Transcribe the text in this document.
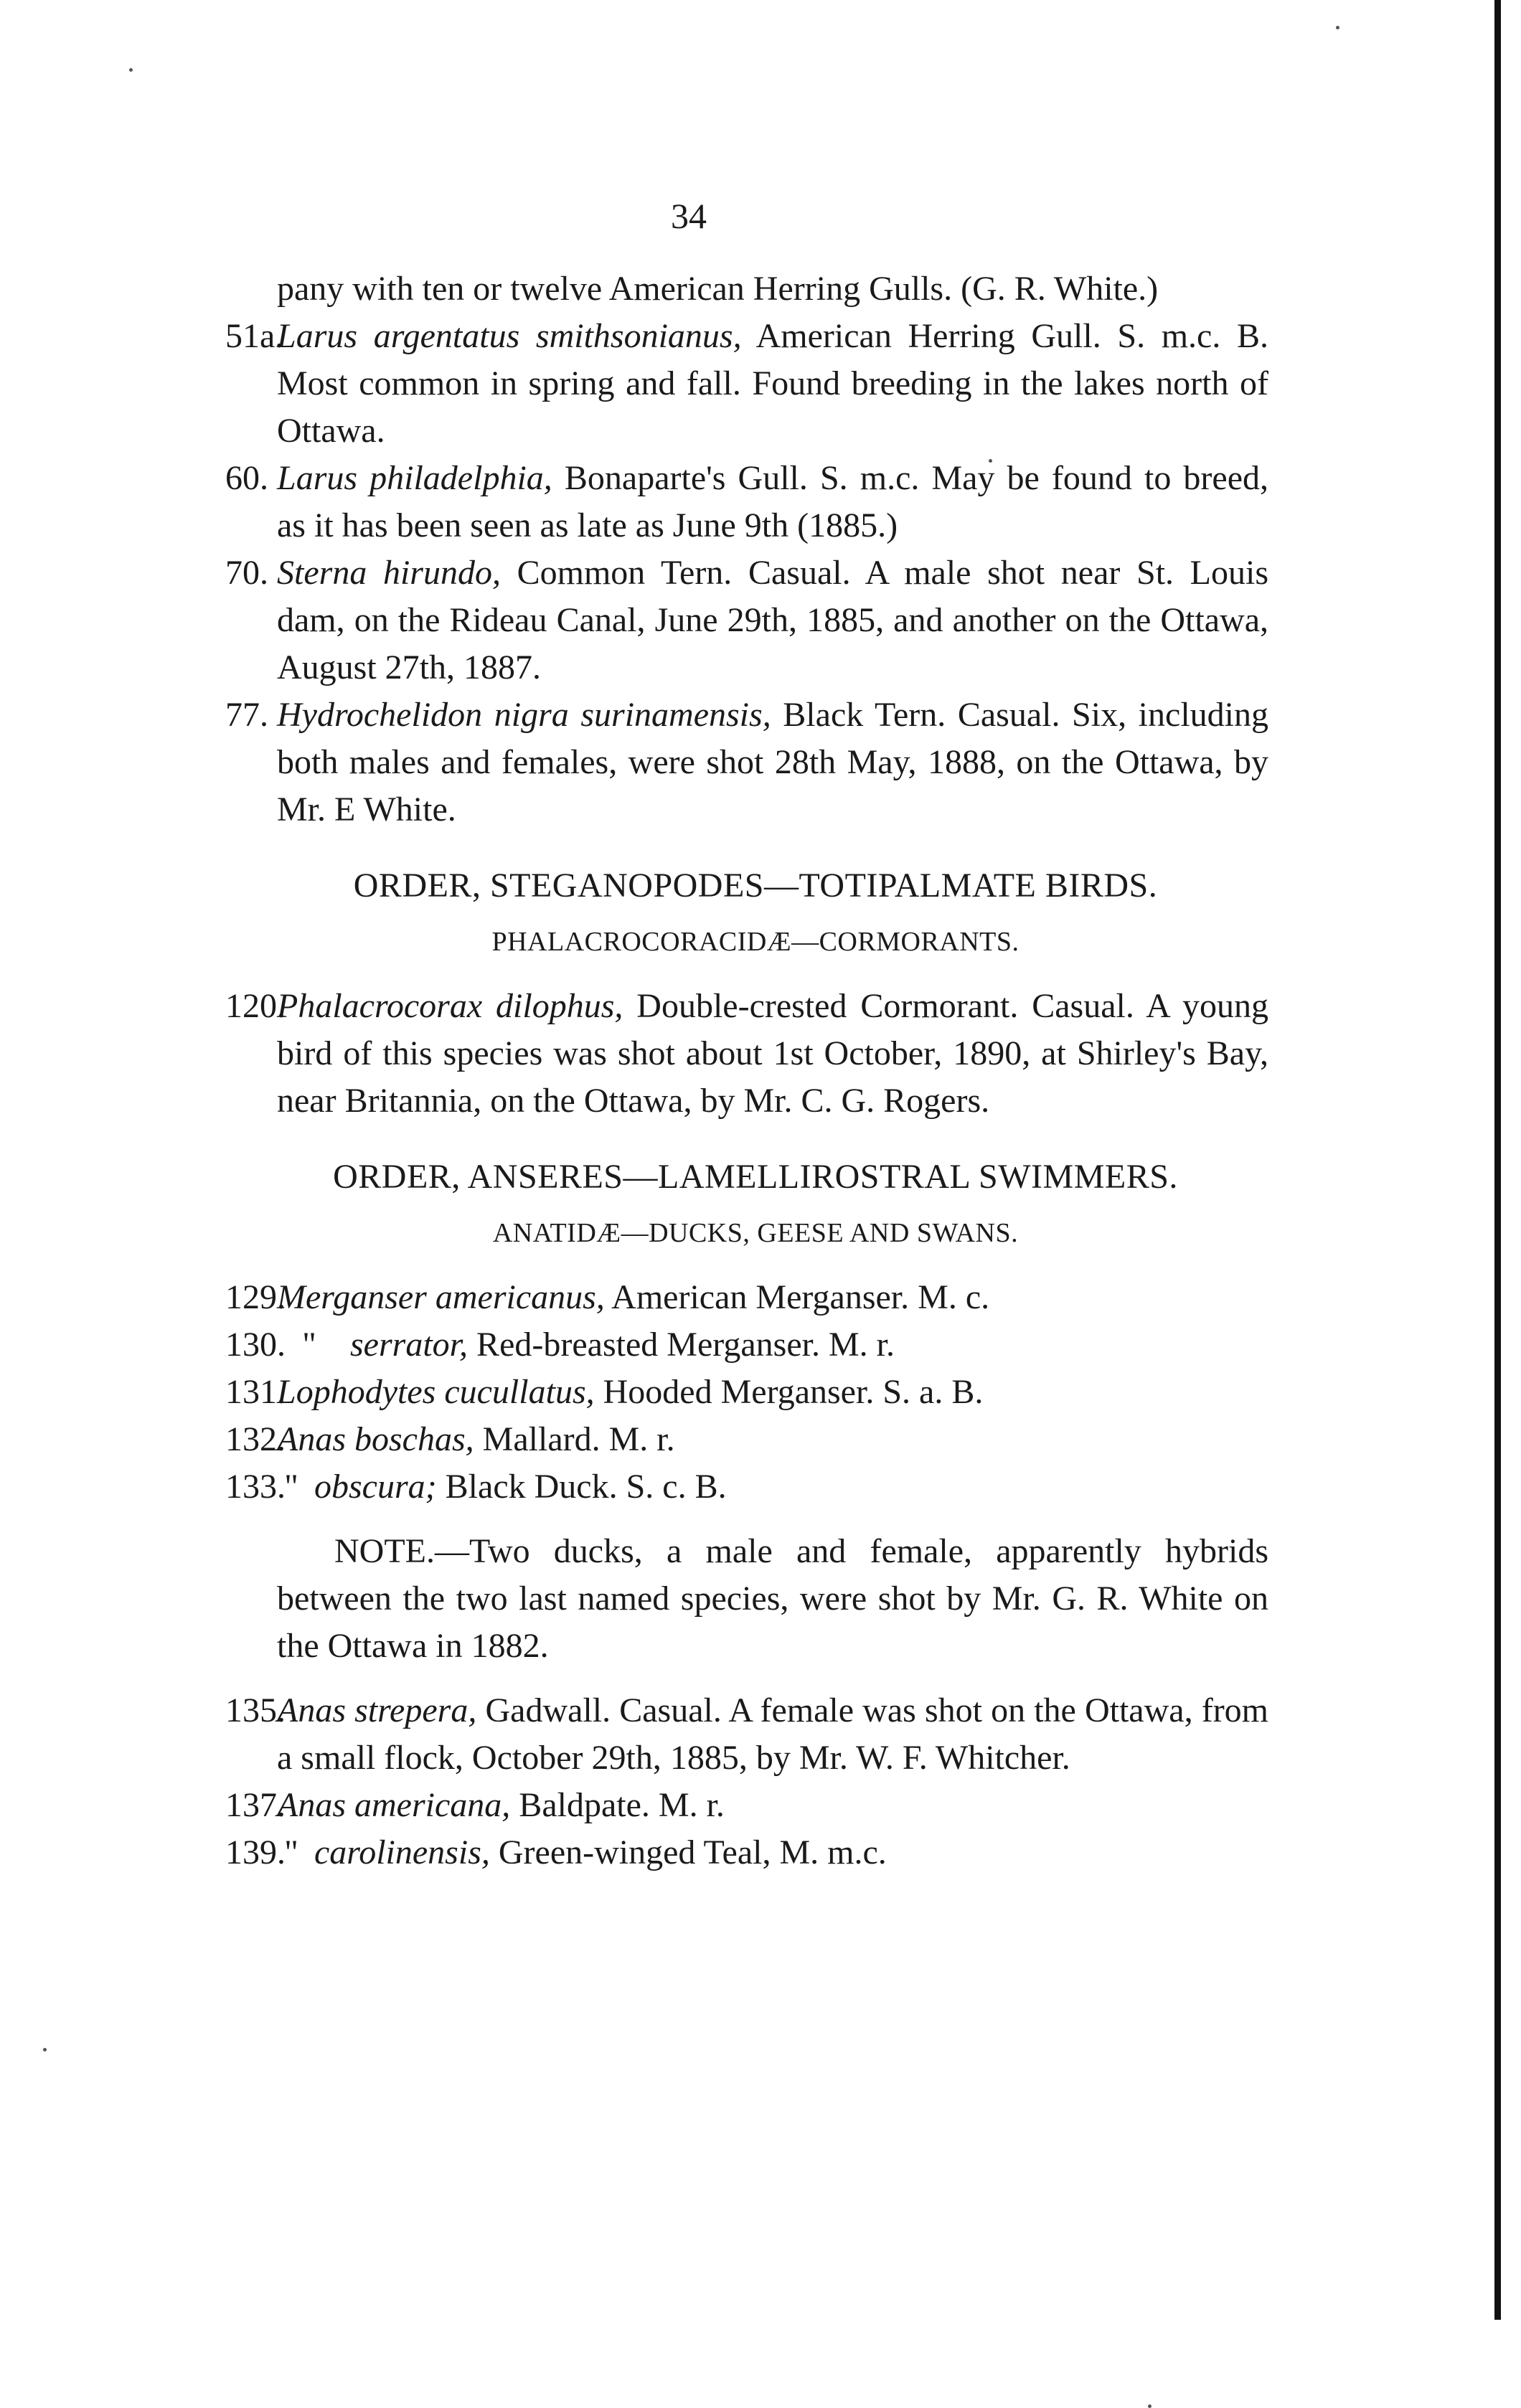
34
pany with ten or twelve American Herring Gulls. (G. R. White.)
51a.
Larus argentatus smithsonianus, American Herring Gull. S. m.c. B. Most common in spring and fall. Found breeding in the lakes north of Ottawa.
60. Larus philadelphia, Bonaparte's Gull. S. m.c. May be found to breed, as it has been seen as late as June 9th (1885.)
70. Sterna hirundo, Common Tern. Casual. A male shot near St. Louis dam, on the Rideau Canal, June 29th, 1885, and another on the Ottawa, August 27th, 1887.
77. Hydrochelidon nigra surinamensis, Black Tern. Casual. Six, including both males and females, were shot 28th May, 1888, on the Ottawa, by Mr. E White.
ORDER, STEGANOPODES—TOTIPALMATE BIRDS.
PHALACROCORACIDÆ—CORMORANTS.
120.
Phalacrocorax dilophus, Double-crested Cormorant. Casual. A young bird of this species was shot about 1st October, 1890, at Shirley's Bay, near Britannia, on the Ottawa, by Mr. C. G. Rogers.
ORDER, ANSERES—LAMELLIROSTRAL SWIMMERS.
ANATIDÆ—DUCKS, GEESE AND SWANS.
129.
Merganser americanus, American Merganser. M. c.
130. " serrator, Red-breasted Merganser. M. r.
131.
Lophodytes cucullatus, Hooded Merganser. S. a. B.
132.
Anas boschas, Mallard. M. r.
133.
" obscura; Black Duck. S. c. B.
NOTE.—Two ducks, a male and female, apparently hybrids between the two last named species, were shot by Mr. G. R. White on the Ottawa in 1882.
135.
Anas strepera, Gadwall. Casual. A female was shot on the Ottawa, from a small flock, October 29th, 1885, by Mr. W. F. Whitcher.
137.
Anas americana, Baldpate. M. r.
139.
" carolinensis, Green-winged Teal, M. m.c.
